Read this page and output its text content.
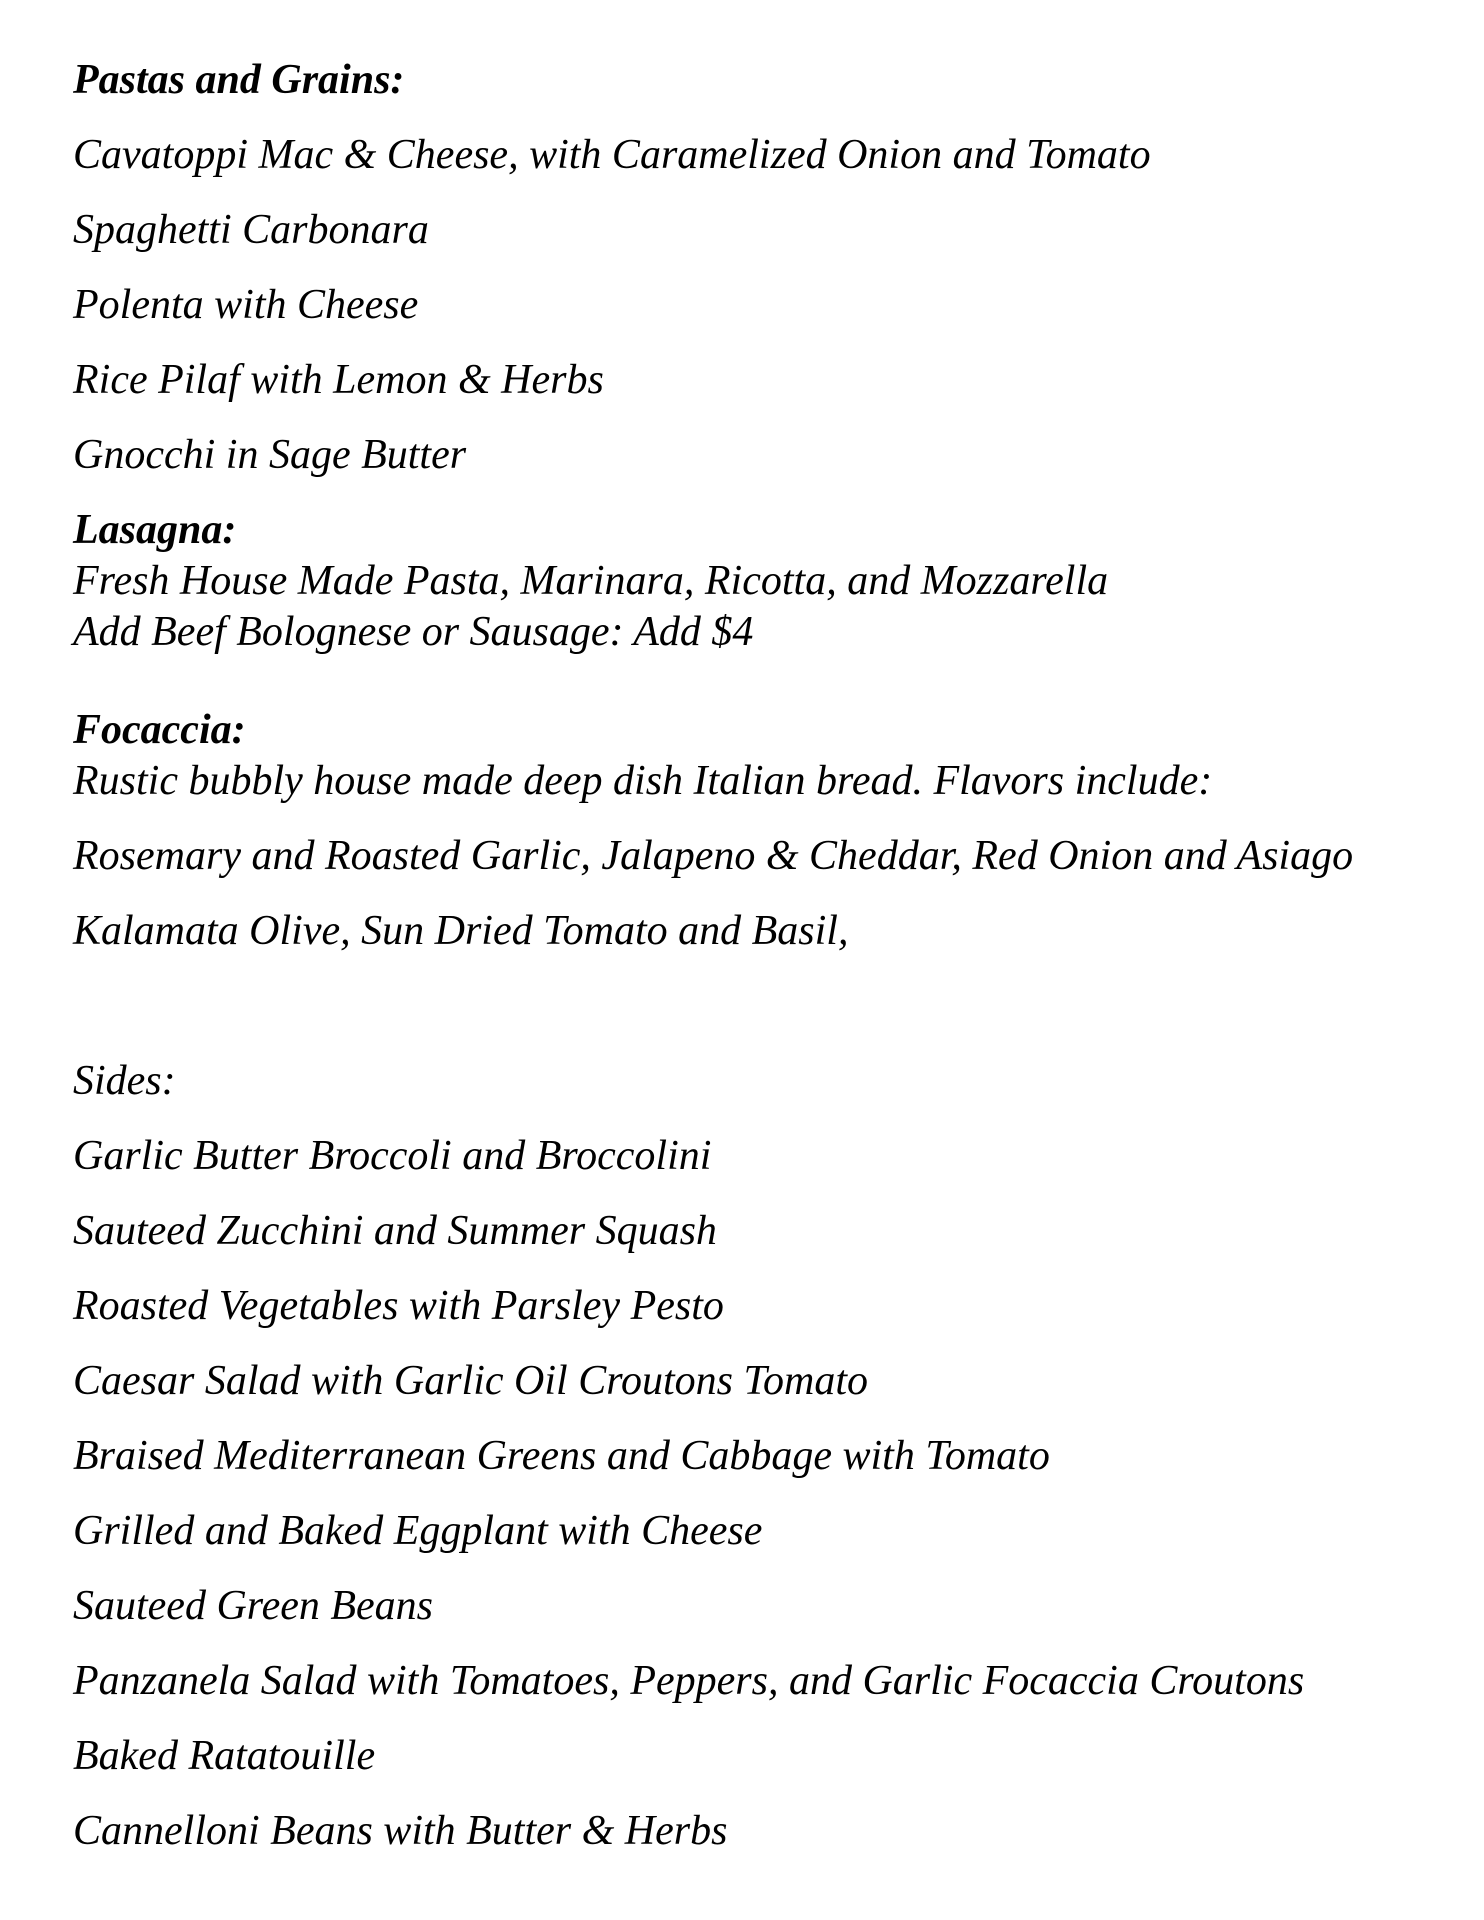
Pastas and Grains:
Cavatoppi Mac & Cheese, with Caramelized Onion and Tomato
Spaghetti Carbonara
Polenta with Cheese
Rice Pilaf with Lemon & Herbs
Gnocchi in Sage Butter
Lasagna:
Fresh House Made Pasta, Marinara, Ricotta, and Mozzarella
Add Beef Bolognese or Sausage: Add $4
Focaccia:
Rustic bubbly house made deep dish Italian bread. Flavors include:
Rosemary and Roasted Garlic, Jalapeno & Cheddar, Red Onion and Asiago
Kalamata Olive, Sun Dried Tomato and Basil,
Sides:
Garlic Butter Broccoli and Broccolini
Sauteed Zucchini and Summer Squash
Roasted Vegetables with Parsley Pesto
Caesar Salad with Garlic Oil Croutons Tomato
Braised Mediterranean Greens and Cabbage with Tomato
Grilled and Baked Eggplant with Cheese
Sauteed Green Beans
Panzanela Salad with Tomatoes, Peppers, and Garlic Focaccia Croutons
Baked Ratatouille
Cannelloni Beans with Butter & Herbs
